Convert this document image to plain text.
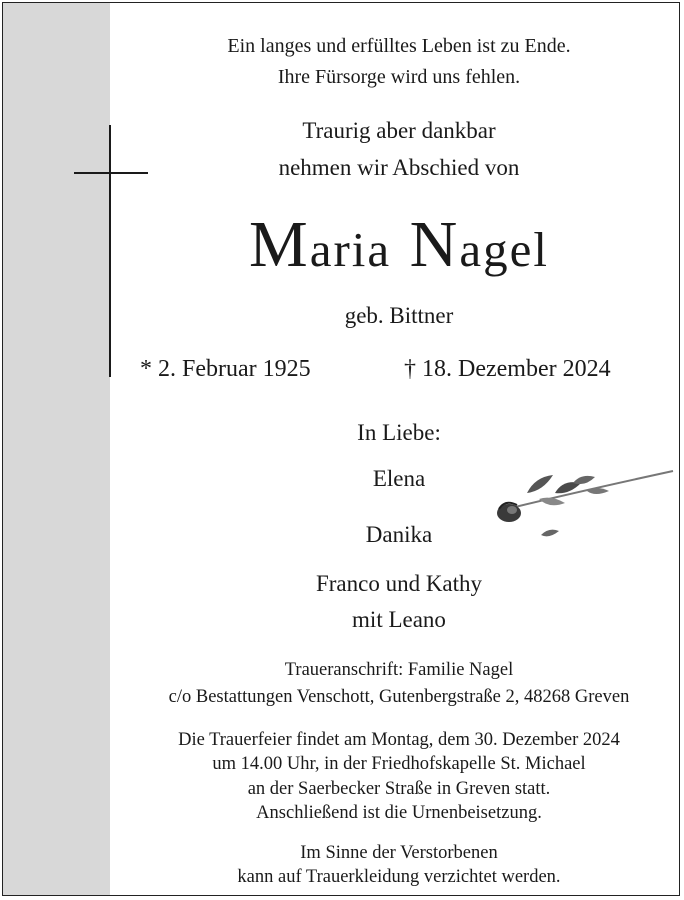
Ein langes und erfülltes Leben ist zu Ende.
Ihre Fürsorge wird uns fehlen.
Traurig aber dankbar
nehmen wir Abschied von
Maria Nagel
geb. Bittner
* 2. Februar 1925	† 18. Dezember 2024
In Liebe:
Elena
Danika
Franco und Kathy
mit Leano
Traueranschrift: Familie Nagel
c/o Bestattungen Venschott, Gutenbergstraße 2, 48268 Greven
Die Trauerfeier findet am Montag, dem 30. Dezember 2024
um 14.00 Uhr, in der Friedhofskapelle St. Michael
an der Saerbecker Straße in Greven statt.
Anschließend ist die Urnenbeisetzung.
Im Sinne der Verstorbenen
kann auf Trauerkleidung verzichtet werden.
